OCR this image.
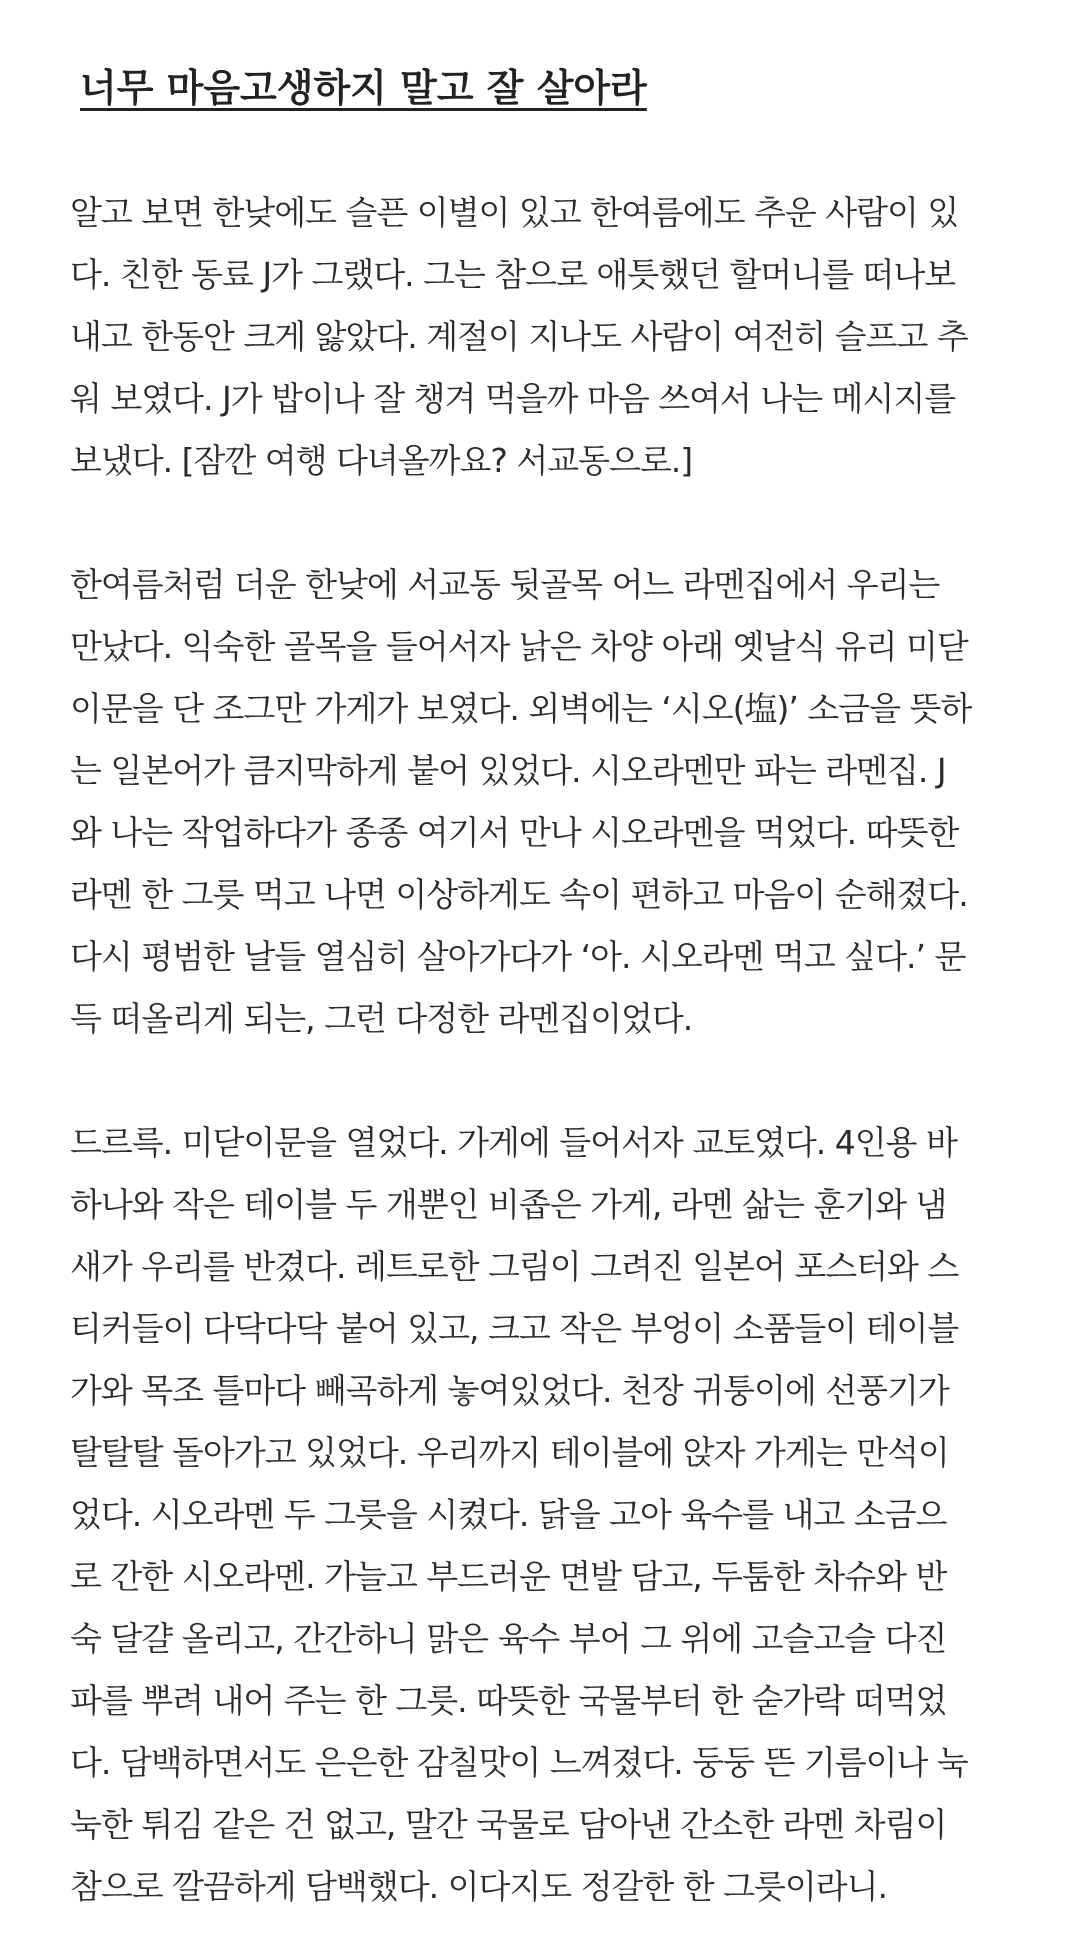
너무 마음고생하지 말고 잘 살아라

알고 보면 한낮에도 슬픈 이별이 있고 한여름에도 추운 사람이 있
다. 친한 동료 J가 그랬다. 그는 참으로 애틋했던 할머니를 떠나보
내고 한동안 크게 앓았다. 계절이 지나도 사람이 여전히 슬프고 추
워 보였다. J가 밥이나 잘 챙겨 먹을까 마음 쓰여서 나는 메시지를
보냈다. [잠깐 여행 다녀올까요? 서교동으로.]

한여름처럼 더운 한낮에 서교동 뒷골목 어느 라멘집에서 우리는
만났다. 익숙한 골목을 들어서자 낡은 차양 아래 옛날식 유리 미닫
이문을 단 조그만 가게가 보였다. 외벽에는 ‘시오(塩)’ 소금을 뜻하
는 일본어가 큼지막하게 붙어 있었다. 시오라멘만 파는 라멘집. J
와 나는 작업하다가 종종 여기서 만나 시오라멘을 먹었다. 따뜻한
라멘 한 그릇 먹고 나면 이상하게도 속이 편하고 마음이 순해졌다.
다시 평범한 날들 열심히 살아가다가 ‘아. 시오라멘 먹고 싶다.’ 문
득 떠올리게 되는, 그런 다정한 라멘집이었다.

드르륵. 미닫이문을 열었다. 가게에 들어서자 교토였다. 4인용 바
하나와 작은 테이블 두 개뿐인 비좁은 가게, 라멘 삶는 훈기와 냄
새가 우리를 반겼다. 레트로한 그림이 그려진 일본어 포스터와 스
티커들이 다닥다닥 붙어 있고, 크고 작은 부엉이 소품들이 테이블
가와 목조 틀마다 빼곡하게 놓여있었다. 천장 귀퉁이에 선풍기가
탈탈탈 돌아가고 있었다. 우리까지 테이블에 앉자 가게는 만석이
었다. 시오라멘 두 그릇을 시켰다. 닭을 고아 육수를 내고 소금으
로 간한 시오라멘. 가늘고 부드러운 면발 담고, 두툼한 차슈와 반
숙 달걀 올리고, 간간하니 맑은 육수 부어 그 위에 고슬고슬 다진
파를 뿌려 내어 주는 한 그릇. 따뜻한 국물부터 한 숟가락 떠먹었
다. 담백하면서도 은은한 감칠맛이 느껴졌다. 둥둥 뜬 기름이나 눅
눅한 튀김 같은 건 없고, 말간 국물로 담아낸 간소한 라멘 차림이
참으로 깔끔하게 담백했다. 이다지도 정갈한 한 그릇이라니.
